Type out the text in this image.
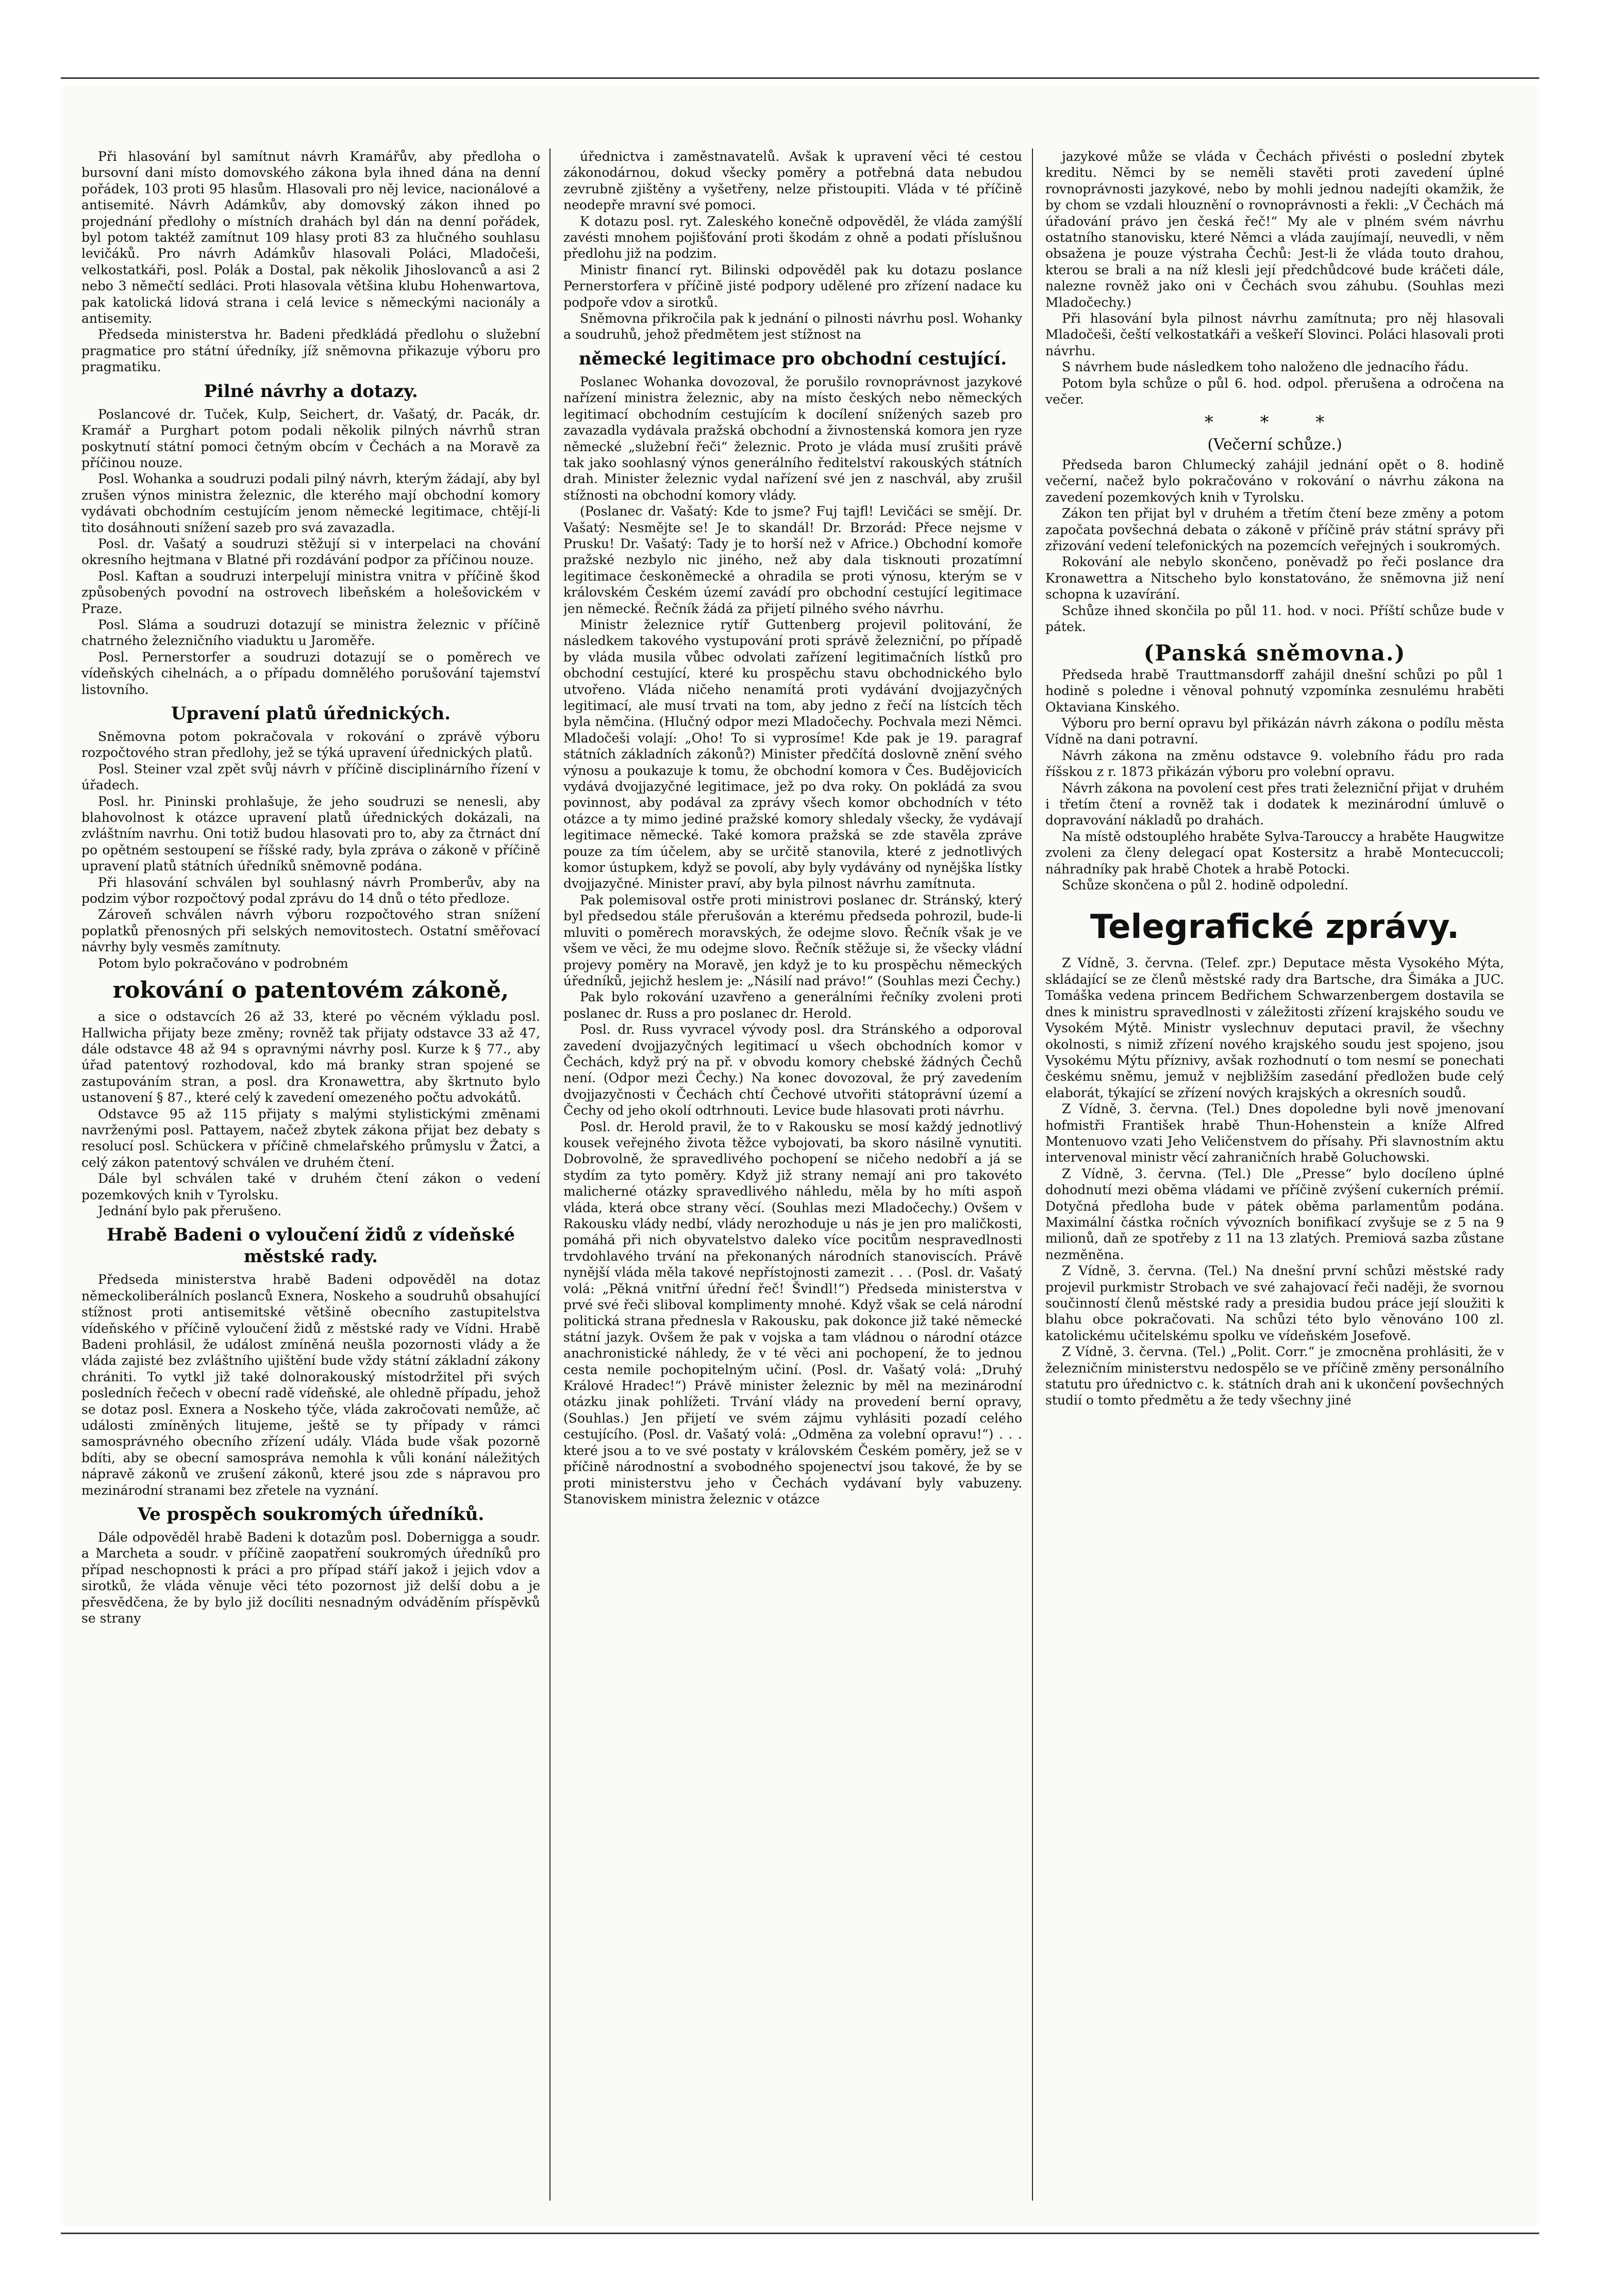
Při hlasování byl samítnut návrh Kramářův, aby předloha o bursovní dani místo domovského zákona byla ihned dána na denní pořádek, 103 proti 95 hlasům. Hlasovali pro něj levice, nacionálové a antisemité. Návrh Adámkův, aby domovský zákon ihned po projednání předlohy o místních drahách byl dán na denní pořádek, byl potom taktéž zamítnut 109 hlasy proti 83 za hlučného souhlasu levičáků. Pro návrh Adámkův hlasovali Poláci, Mladočeši, velkostatkáři, posl. Polák a Dostal, pak několik Jihoslovanců a asi 2 nebo 3 němečtí sedláci. Proti hlasovala většina klubu Hohenwartova, pak katolická lidová strana i celá levice s německými nacionály a antisemity.

Předseda ministerstva hr. Badeni předkládá předlohu o služební pragmatice pro státní úředníky, jíž sněmovna přikazuje výboru pro pragmatiku.

Pilné návrhy a dotazy.

Poslancové dr. Tuček, Kulp, Seichert, dr. Vašatý, dr. Pacák, dr. Kramář a Purghart potom podali několik pilných návrhů stran poskytnutí státní pomoci četným obcím v Čechách a na Moravě za příčinou nouze.

Posl. Wohanka a soudruzi podali pilný návrh, kterým žádají, aby byl zrušen výnos ministra železnic, dle kterého mají obchodní komory vydávati obchodním cestujícím jenom německé legitimace, chtějí-li tito dosáhnouti snížení sazeb pro svá zavazadla.

Posl. dr. Vašatý a soudruzi stěžují si v interpelaci na chování okresního hejtmana v Blatné při rozdávání podpor za příčinou nouze.

Posl. Kaftan a soudruzi interpelují ministra vnitra v příčině škod způsobených povodní na ostrovech libeňském a holešovickém v Praze.

Posl. Sláma a soudruzi dotazují se ministra železnic v příčině chatrného železničního viaduktu u Jaroměře.

Posl. Pernerstorfer a soudruzi dotazují se o poměrech ve vídeňských cihelnách, a o případu domnělého porušování tajemství listovního.

Upravení platů úřednických.

Sněmovna potom pokračovala v rokování o zprávě výboru rozpočtového stran předlohy, jež se týká upravení úřednických platů.

Posl. Steiner vzal zpět svůj návrh v příčině disciplinárního řízení v úřadech.

Posl. hr. Pininski prohlašuje, že jeho soudruzi se nenesli, aby blahovolnost k otázce upravení platů úřednických dokázali, na zvláštním navrhu. Oni totiž budou hlasovati pro to, aby za čtrnáct dní po opětném sestoupení se říšské rady, byla zpráva o zákoně v příčině upravení platů státních úředníků sněmovně podána.

Při hlasování schválen byl souhlasný návrh Promberův, aby na podzim výbor rozpočtový podal zprávu do 14 dnů o této předloze.

Zároveň schválen návrh výboru rozpočtového stran snížení poplatků přenosných při selských nemovitostech. Ostatní směřovací návrhy byly vesměs zamítnuty.

Potom bylo pokračováno v podrobném

rokování o patentovém zákoně,

a sice o odstavcích 26 až 33, které po věcném výkladu posl. Hallwicha přijaty beze změny; rovněž tak přijaty odstavce 33 až 47, dále odstavce 48 až 94 s opravnými návrhy posl. Kurze k § 77., aby úřad patentový rozhodoval, kdo má branky stran spojené se zastupováním stran, a posl. dra Kronawettra, aby škrtnuto bylo ustanovení § 87., které celý k zavedení omezeného počtu advokátů.

Odstavce 95 až 115 přijaty s malými stylistickými změnami navrženými posl. Pattayem, načež zbytek zákona přijat bez debaty s resolucí posl. Schückera v příčině chmelařského průmyslu v Žatci, a celý zákon patentový schválen ve druhém čtení.

Dále byl schválen také v druhém čtení zákon o vedení pozemkových knih v Tyrolsku.

Jednání bylo pak přerušeno.

Hrabě Badeni o vyloučení židů z vídeňské městské rady.

Předseda ministerstva hrabě Badeni odpověděl na dotaz německoliberálních poslanců Exnera, Noskeho a soudruhů obsahující stížnost proti antisemitské většině obecního zastupitelstva vídeňského v příčině vyloučení židů z městské rady ve Vídni. Hrabě Badeni prohlásil, že událost zmíněná neušla pozornosti vlády a že vláda zajisté bez zvláštního ujištění bude vždy státní základní zákony chrániti. To vytkl již také dolnorakouský místodržitel při svých posledních řečech v obecní radě vídeňské, ale ohledně případu, jehož se dotaz posl. Exnera a Noskeho týče, vláda zakročovati nemůže, ač události zmíněných litujeme, ještě se ty případy v rámci samosprávného obecního zřízení udály. Vláda bude však pozorně bdíti, aby se obecní samospráva nemohla k vůli konání náležitých nápravě zákonů ve zrušení zákonů, které jsou zde s nápravou pro mezinárodní stranami bez zřetele na vyznání.

Ve prospěch soukromých úředníků.

Dále odpověděl hrabě Badeni k dotazům posl. Doberniggа a soudr. a Marchetа a soudr. v příčině zaopatření soukromých úředníků pro případ neschopnosti k práci a pro případ stáří jakož i jejich vdov a sirotků, že vláda věnuje věci této pozornost již delší dobu a je přesvědčena, že by bylo již docíliti nesnadným odváděním příspěvků se strany

úřednictva i zaměstnavatelů. Avšak k upravení věci té cestou zákonodárnou, dokud všecky poměry a potřebná data nebudou zevrubně zjištěny a vyšetřeny, nelze přistoupiti. Vláda v té příčině neodepře mravní své pomoci.

K dotazu posl. ryt. Zaleského konečně odpověděl, že vláda zamýšlí zavésti mnohem pojišťování proti škodám z ohně a podati příslušnou předlohu již na podzim.

Ministr financí ryt. Bilinski odpověděl pak ku dotazu poslance Pernerstorfera v příčině jisté podpory udělené pro zřízení nadace ku podpoře vdov a sirotků.

Sněmovna přikročila pak k jednání o pilnosti návrhu posl. Wohanky a soudruhů, jehož předmětem jest stížnost na

německé legitimace pro obchodní cestující.

Poslanec Wohanka dovozoval, že porušilo rovnoprávnost jazykové nařízení ministra železnic, aby na místo českých nebo německých legitimací obchodním cestujícím k docílení snížených sazeb pro zavazadla vydávala pražská obchodní a živnostenská komora jen ryze německé „služební řeči“ železnic. Proto je vláda musí zrušiti právě tak jako soohlasný výnos generálního ředitelství rakouských státních drah. Minister železnic vydal nařízení své jen z naschvál, aby zrušil stížnosti na obchodní komory vlády.

(Poslanec dr. Vašatý: Kde to jsme? Fuj tajfl! Levičáci se smějí. Dr. Vašatý: Nesmějte se! Je to skandál! Dr. Brzorád: Přece nejsme v Prusku! Dr. Vašatý: Tady je to horší než v Africe.) Obchodní komoře pražské nezbylo nic jiného, než aby dala tisknouti prozatímní legitimace českoněmecké a ohradila se proti výnosu, kterým se v královském Českém území zavádí pro obchodní cestující legitimace jen německé. Řečník žádá za přijetí pilného svého návrhu.

Ministr železnice rytíř Guttenberg projevil politování, že následkem takového vystupování proti správě železniční, po případě by vláda musila vůbec odvolati zařízení legitimačních lístků pro obchodní cestující, které ku prospěchu stavu obchodnického bylo utvořeno. Vláda ničeho nenamítá proti vydávání dvojjazyčných legitimací, ale musí trvati na tom, aby jedno z řečí na lístcích těch byla němčina. (Hlučný odpor mezi Mladočechy. Pochvala mezi Němci. Mladočeši volají: „Oho! To si vyprosíme! Kde pak je 19. paragraf státních základních zákonů?) Minister předčítá doslovně znění svého výnosu a poukazuje k tomu, že obchodní komora v Čes. Budějovicích vydává dvojjazyčné legitimace, jež po dva roky. On pokládá za svou povinnost, aby podával za zprávy všech komor obchodních v této otázce a ty mimo jediné pražské komory shledaly všecky, že vydávají legitimace německé. Také komora pražská se zde stavěla zpráve pouze za tím účelem, aby se určitě stanovila, které z jednotlivých komor ústupkem, když se povolí, aby byly vydávány od nynějška lístky dvojjazyčné. Minister praví, aby byla pilnost návrhu zamítnuta.

Pak polemisoval ostře proti ministrovi poslanec dr. Stránský, který byl předsedou stále přerušován a kterému předseda pohrozil, bude-li mluviti o poměrech moravských, že odejme slovo. Řečník však je ve všem ve věci, že mu odejme slovo. Řečník stěžuje si, že všecky vládní projevy poměry na Moravě, jen když je to ku prospěchu německých úředníků, jejichž heslem je: „Násilí nad právo!“ (Souhlas mezi Čechy.)

Pak bylo rokování uzavřeno a generálními řečníky zvoleni proti poslanec dr. Russ a pro poslanec dr. Herold.

Posl. dr. Russ vyvracel vývody posl. dra Stránského a odporoval zavedení dvojjazyčných legitimací u všech obchodních komor v Čechách, když prý na př. v obvodu komory chebské žádných Čechů není. (Odpor mezi Čechy.) Na konec dovozoval, že prý zavedením dvojjazyčnosti v Čechách chtí Čechové utvořiti státoprávní území a Čechy od jeho okolí odtrhnouti. Levice bude hlasovati proti návrhu.

Posl. dr. Herold pravil, že to v Rakousku se mosí každý jednotlivý kousek veřejného života těžce vybojovati, ba skoro násilně vynutiti. Dobrovolně, že spravedlivého pochopení se ničeho nedobří a já se stydím za tyto poměry. Když již strany nemají ani pro takovéto malicherné otázky spravedlivého náhledu, měla by ho míti aspoň vláda, která obce strany věcí. (Souhlas mezi Mladočechy.) Ovšem v Rakousku vlády nedbí, vlády nerozhoduje u nás je jen pro maličkosti, pomáhá při nich obyvatelstvo daleko více pocitům nespravedlnosti trvdohlavého trvání na překonaných národních stanoviscích. Právě nynější vláda měla takové nepřístojnosti zamezit . . . (Posl. dr. Vašatý volá: „Pěkná vnitřní úřední řeč! Švindl!“) Předseda ministerstva v prvé své řeči sliboval komplimenty mnohé. Když však se celá národní politická strana přednesla v Rakousku, pak dokonce již také německé státní jazyk. Ovšem že pak v vojska a tam vládnou o národní otázce anachronistické náhledy, že v té věci ani pochopení, že to jednou cesta nemile pochopitelným učiní. (Posl. dr. Vašatý volá: „Druhý Králové Hradec!“) Právě minister železnic by měl na mezinárodní otázku jinak pohlížeti. Trvání vlády na provedení berní opravy, (Souhlas.) Jen přijetí ve svém zájmu vyhlásiti pozadí celého cestujícího. (Posl. dr. Vašatý volá: „Odměna za volební opravu!“) . . . které jsou a to ve své postaty v královském Českém poměry, jež se v příčině národnostní a svobodného spojenectví jsou takové, že by se proti ministerstvu jeho v Čechách vydávaní byly vabuzeny. Stanoviskem ministra železnic v otázce

jazykové může se vláda v Čechách přivésti o poslední zbytek kreditu. Němci by se neměli stavěti proti zavedení úplné rovnoprávnosti jazykové, nebo by mohli jednou nadejíti okamžik, že by chom se vzdali hlouznění o rovnoprávnosti a řekli: „V Čechách má úřadování právo jen česká řeč!“ My ale v plném svém návrhu ostatního stanovisku, které Němci a vláda zaujímají, neuvedli, v něm obsažena je pouze výstraha Čechů: Jest-li že vláda touto drahou, kterou se brali a na níž klesli její předchůdcové bude kráčeti dále, nalezne rovněž jako oni v Čechách svou záhubu. (Souhlas mezi Mladočechy.)

Při hlasování byla pilnost návrhu zamítnuta; pro něj hlasovali Mladočeši, čeští velkostatkáři a veškeří Slovinci. Poláci hlasovali proti návrhu.

S návrhem bude následkem toho naloženo dle jednacího řádu.

Potom byla schůze o půl 6. hod. odpol. přerušena a odročena na večer.

* * *
(Večerní schůze.)

Předseda baron Chlumecký zahájil jednání opět o 8. hodině večerní, načež bylo pokračováno v rokování o návrhu zákona na zavedení pozemkových knih v Tyrolsku.

Zákon ten přijat byl v druhém a třetím čtení beze změny a potom započata povšechná debata o zákoně v příčině práv státní správy při zřizování vedení telefonických na pozemcích veřejných i soukromých.

Rokování ale nebylo skončeno, poněvadž po řeči poslance dra Kronawettra a Nitscheho bylo konstatováno, že sněmovna již není schopna k uzavírání.

Schůze ihned skončila po půl 11. hod. v noci. Příští schůze bude v pátek.

(Panská sněmovna.)

Předseda hrabě Trauttmansdorff zahájil dnešní schůzi po půl 1 hodině s poledne i věnoval pohnutý vzpomínka zesnulému hraběti Oktaviana Kinského.

Výboru pro berní opravu byl přikázán návrh zákona o podílu města Vídně na dani potravní.

Návrh zákona na změnu odstavce 9. volebního řádu pro rada říšskou z r. 1873 přikázán výboru pro volební opravu.

Návrh zákona na povolení cest přes trati železniční přijat v druhém i třetím čtení a rovněž tak i dodatek k mezinárodní úmluvě o dopravování nákladů po drahách.

Na místě odstouplého hraběte Sylva-Tarouccy a hraběte Haugwitze zvoleni za členy delegací opat Kostersitz a hrabě Montecuccoli; náhradníky pak hrabě Chotek a hrabě Potocki.

Schůze skončena o půl 2. hodině odpolední.

Telegrafické zprávy.

Z Vídně, 3. června. (Telef. zpr.) Deputace města Vysokého Mýta, skládající se ze členů městské rady dra Bartsche, dra Šimáka a JUC. Tomáška vedena princem Bedřichem Schwarzenbergem dostavila se dnes k ministru spravedlnosti v záležitosti zřízení krajského soudu ve Vysokém Mýtě. Ministr vyslechnuv deputaci pravil, že všechny okolnosti, s nimiž zřízení nového krajského soudu jest spojeno, jsou Vysokému Mýtu příznivy, avšak rozhodnutí o tom nesmí se ponechati českému sněmu, jemuž v nejbližším zasedání předložen bude celý elaborát, týkající se zřízení nových krajských a okresních soudů.

Z Vídně, 3. června. (Tel.) Dnes dopoledne byli nově jmenovaní hofmistři František hrabě Thun-Hohenstein a kníže Alfred Montenuovo vzati Jeho Veličenstvem do přísahy. Při slavnostním aktu intervenoval ministr věcí zahraničních hrabě Goluchowski.

Z Vídně, 3. června. (Tel.) Dle „Presse“ bylo docíleno úplné dohodnutí mezi oběma vládami ve příčině zvýšení cukerních prémií. Dotyčná předloha bude v pátek oběma parlamentům podána. Maximální částka ročních vývozních bonifikací zvyšuje se z 5 na 9 milionů, daň ze spotřeby z 11 na 13 zlatých. Premiová sazba zůstane nezměněna.

Z Vídně, 3. června. (Tel.) Na dnešní první schůzi městské rady projevil purkmistr Strobach ve své zahajovací řeči naději, že svornou součinností členů městské rady a presidia budou práce její sloužiti k blahu obce pokračovati. Na schůzi této bylo věnováno 100 zl. katolickému učitelskému spolku ve vídeňském Josefově.

Z Vídně, 3. června. (Tel.) „Polit. Corr.“ je zmocněna prohlásiti, že v železničním ministerstvu nedospělo se ve příčině změny personálního statutu pro úřednictvo c. k. státních drah ani k ukončení povšechných studií o tomto předmětu a že tedy všechny jiné
